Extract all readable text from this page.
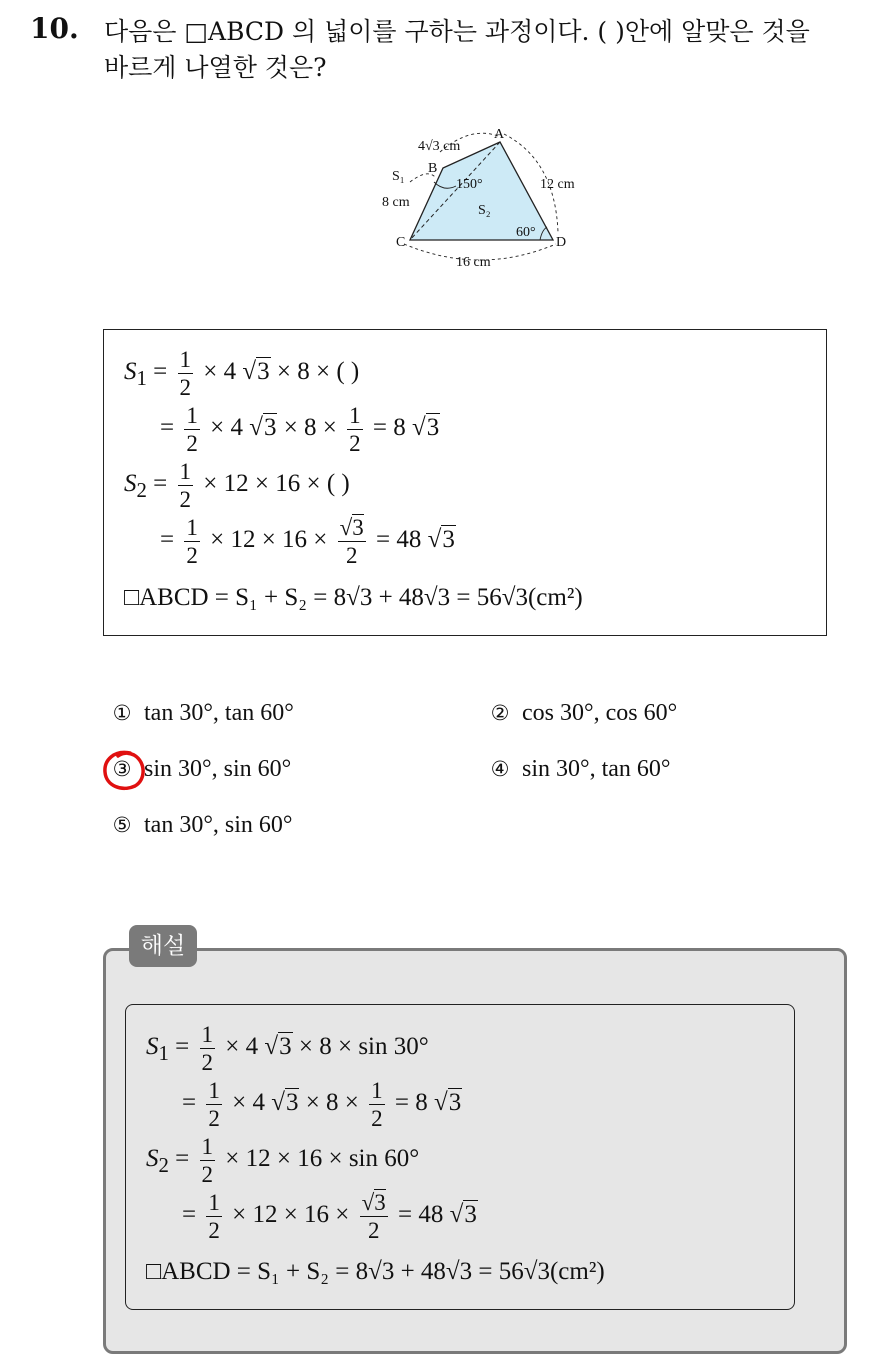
10. 다음은 □ABCD 의 넓이를 구하는 과정이다. ( )안에 알맞은 것을
바르게 나열한 것은?
A
B
C	D
4√3 cm
8 cm
12 cm
16 cm
150°
60°
S₁
S₂
$S_1 = \frac{1}{2} \times 4$ √3 × 8 × ( )
= $\frac{1}{2} \times 4$ $√3 \times 8 \times \frac{1}{2} = 8$ √3
$S_2 = \frac{1}{2} \times 12 \times 16$ × ( )
= $\frac{1}{2} \times 12 \times 16 \times \frac{√3}{2} = 48$ √3
□ABCD = S₁ + S₂ = 8√3 + 48√3 = 56√3(cm²)
① tan 30°, tan 60°	② cos 30°, cos 60°
③ sin 30°, sin 60°	④ sin 30°, tan 60°
⑤ tan 30°, sin 60°
해설
$S_1 = \frac{1}{2} \times 4$ √3 × 8 × sin 30°
= $\frac{1}{2} \times 4$ $√3 \times 8 \times \frac{1}{2} = 8$ √3
$S_2 = \frac{1}{2} \times 12 \times 16 \times \sin 60^\circ$
= $\frac{1}{2} \times 12 \times 16 \times \frac{√3}{2} = 48$ √3
□ABCD = S₁ + S₂ = 8√3 + 48√3 = 56√3(cm²)
